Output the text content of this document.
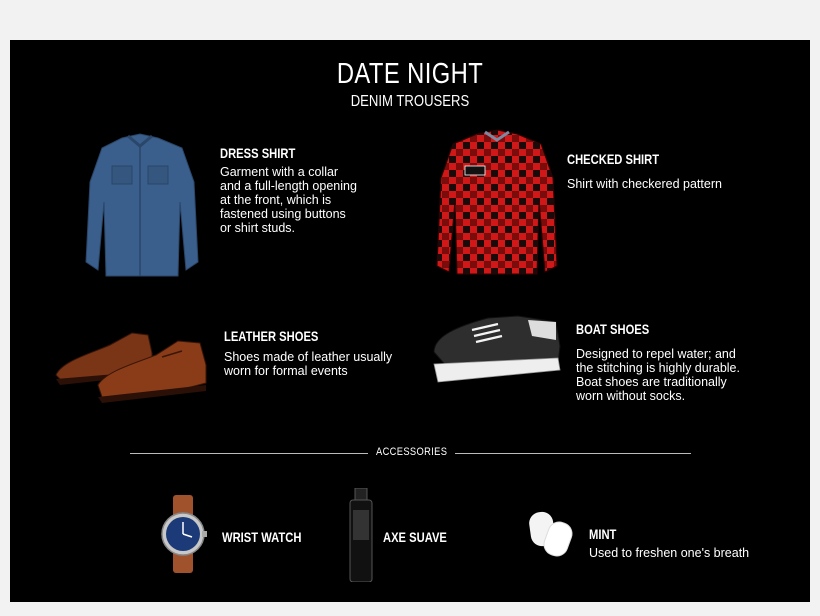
DATE NIGHT
DENIM TROUSERS
DRESS SHIRT
Garment with a collar
and a full-length opening
at the front, which is
fastened using buttons
or shirt studs.
CHECKED SHIRT
Shirt with checkered pattern
LEATHER SHOES
Shoes made of leather usually
worn for formal events
BOAT SHOES
Designed to repel water; and
the stitching is highly durable.
Boat shoes are traditionally
worn without socks.
ACCESSORIES
WRIST WATCH	AXE SUAVE	MINT
Used to freshen one's breath
